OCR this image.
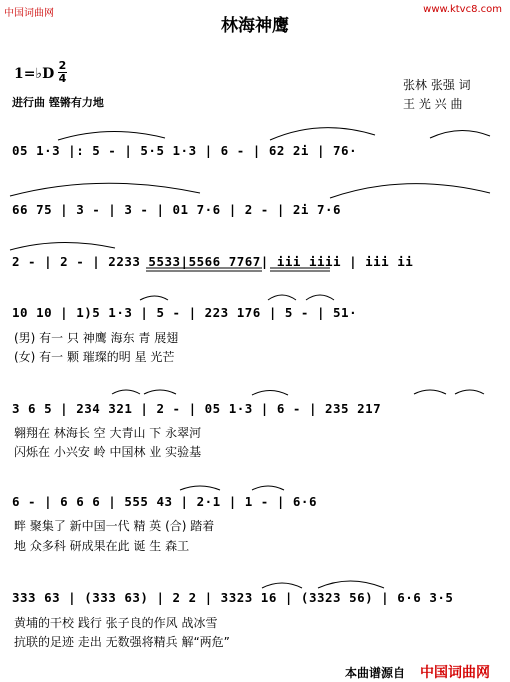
中国词曲网	www.ktvc8.com
林海神鹰
1=♭D
2
4
进行曲 铿锵有力地
张林 张强 词
王 光 兴 曲
05 1·3 |: 5 - | 5·5 1·3 | 6 - | 62 2i | 76·
66 75 | 3 - | 3 - | 01 7·6 | 2 - | 2i 7·6
2 - | 2 - | 2233 5533|5566 7767| iii iiii | iii ii
10 10 | 1)5 1·3 | 5 - | 223 176 | 5 - | 51·
(男) 有一 只 神鹰 海东 青 展翅
(女) 有一 颗 璀璨的明 星 光芒
3 6 5 | 234 321 | 2 - | 05 1·3 | 6 - | 235 217
翱翔在 林海长 空 大青山 下 永翠河
闪烁在 小兴安 岭 中国林 业 实验基
6 - | 6 6 6 | 555 43 | 2·1 | 1 - | 6·6
畔 聚集了 新中国一代 精 英 (合) 踏着
地 众多科 研成果在此 诞 生 森工
333 63 | (333 63) | 2 2 | 3323 16 | (3323 56) | 6·6 3·5
黄埔的干校 践行 张子良的作风 战冰雪
抗联的足迹 走出 无数强将精兵 解“两危”
本曲谱源自 中国词曲网
